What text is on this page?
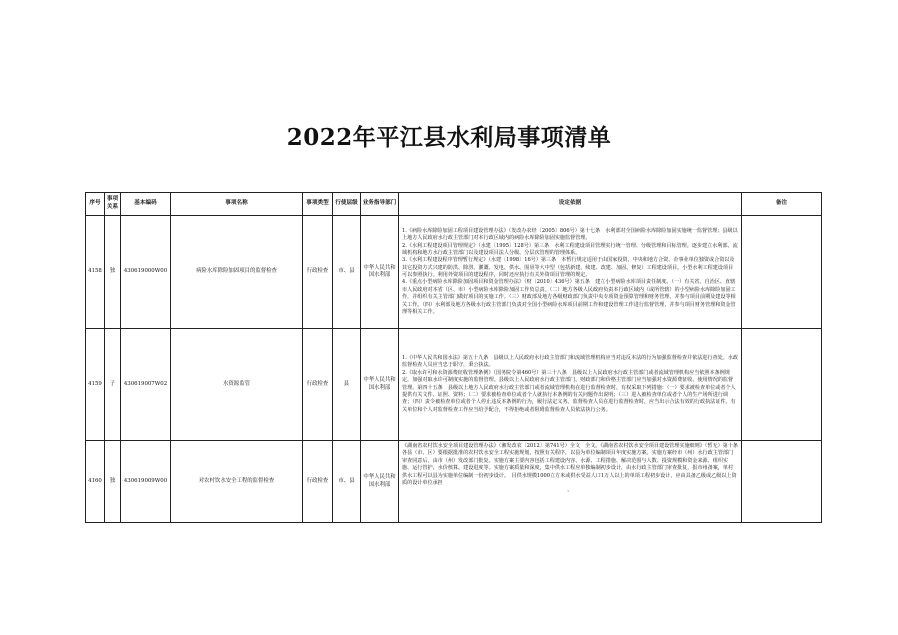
2022年平江县水利局事项清单
序号	事项关系	基本编码	事项名称	事项类型	行使层级	业务指导部门	设定依据	备注
4158	独	430619000W00	病险水库除险加固项目的监督检查	行政检查	市、县	中华人民共和国水利部	1.《病险水库除险加固工程项目建设管理办法》（发改办农经〔2005〕806号）第十七条　水利部对全国病险水库除险加固实施统一监督管理；县级以上地方人民政府水行政主管部门对本行政区域内的病险水库除险加固实施监督管理。

2.《水利工程建设项目管理规定》（水建〔1995〕128号）第三条　水利工程建设项目管理实行统一管理、分级管理和目标管理。逐步建立水利部、流域机构和地方水行政主管部门以及建设项目法人分级、分层次管理的管理体系。

3.《水利工程建设程序管理暂行规定》（水建〔1998〕16号）第三条　本暂行规定适用于由国家投资、中央和地方合资、企事业单位独资或合资以及其它投资方式兴建的防洪、除涝、灌溉、发电、供水、围垦等大中型（包括新建、续建、改建、加固、修复）工程建设项目。小型水利工程建设项目可以参照执行。利用外资项目的建设程序，同时还应执行有关外资项目管理的规定。

4.《重点小型病险水库除险加固项目和资金管理办法》（财〔2010〕436号）第五条　建立小型病险水库项目责任制度。（一）有关省、自治区、直辖市人民政府对本省（区、市）小型病险水库除险加固工作负总责。（二）地方各级人民政府负责本行政区域内（或所管辖）的小型病险水库除险加固工作，并组织有关主管部门做好项目的实施工作。（三）财政部及地方各级财政部门负责中央专项资金预算管理和财务管理，并参与项目前期及建设等相关工作。（四）水利部及地方各级水行政主管部门负责对全国小型病险水库项目前期工作和建设管理工作进行监督管理，并参与项目财务管理和资金管理等相关工作。	

4159	子	430619007W02	水资源监管	行政检查	县	中华人民共和国水利部	1.《中华人民共和国水法》第五十九条　县级以上人民政府水行政主管部门和流域管理机构应当对违反本法的行为加强监督检查并依法进行查处。水政监督检查人员应当忠于职守，秉公执法。

2.《取水许可和水资源费征收管理条例》（国务院令第460号）第三十八条　县级以上人民政府水行政主管部门或者流域管理机构应当依照本条例规定，加强对取水许可制度实施的监督管理。县级以上人民政府水行政主管部门、财政部门和价格主管部门应当加强对水资源费征收、使用情况的监督管理。第四十五条　县级以上地方人民政府水行政主管部门或者流域管理机构在进行监督检查时，有权采取下列措施：（一）要求被检查单位或者个人提供有关文件、证照、资料；（二）要求被检查单位或者个人就执行本条例的有关问题作出说明；（三）进入被检查单位或者个人的生产场所进行调查；（四）责令被检查单位或者个人停止违反本条例的行为，履行法定义务。监督检查人员在进行监督检查时，应当出示合法有效的行政执法证件。有关单位和个人对监督检查工作应当给予配合，不得拒绝或者阻碍监督检查人员依法执行公务。	

4160	独	430619009W00	对农村饮水安全工程的监督检查	行政检查	市、县	中华人民共和国水利部	《湖南省农村饮水安全项目建设管理办法》（湘发改农〔2012〕第741号）全文　全文。《湖南省农村饮水安全项目建设管理实施细则》（暂无）第十条　各县（市、区）要根据批准的农村饮水安全工程实施规划，按照有关程序，以县为单位编制项目年度实施方案。实施方案经市（州）水行政主管部门审查同意后，由市（州）发改部门批复。实施方案主要内容包括工程建设内容、水源、工程措施、解决范围与人数、投资规模和资金来源、组织实施、运行管护、水价核算、建设进度等。实施方案质量和深度，集中供水工程应单独编制初步设计，由水行政主管部门审查批复，报市州备案，单村供水工程可以县为实施单位编制一份初步设计。　目供水规模1000立方米或供水受益人口1万人以上的单项工程初步设计，应由具备乙级或乙级以上资质的设计单位承担

。	
